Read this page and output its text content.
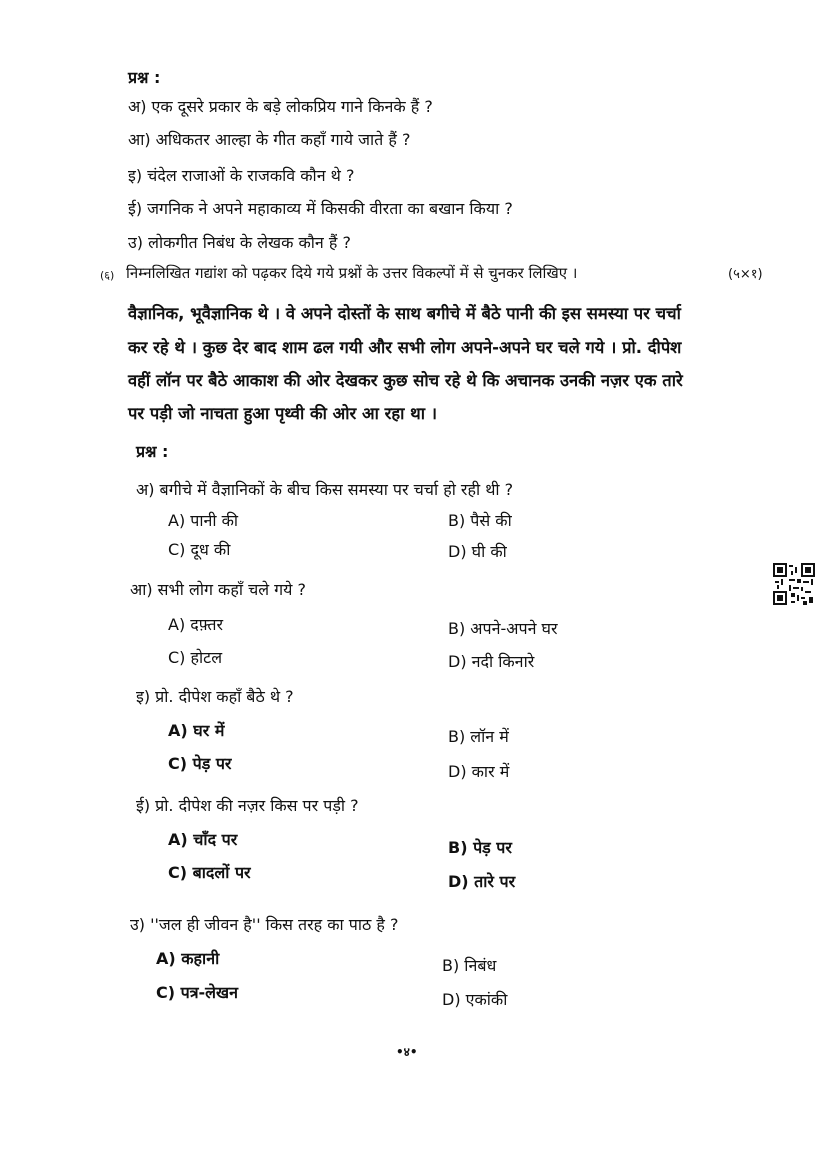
प्रश्न :
अ) एक दूसरे प्रकार के बड़े लोकप्रिय गाने किनके हैं ?
आ) अधिकतर आल्हा के गीत कहाँ गाये जाते हैं ?
इ) चंदेल राजाओं के राजकवि कौन थे ?
ई) जगनिक ने अपने महाकाव्य में किसकी वीरता का बखान किया ?
उ) लोकगीत निबंध के लेखक कौन हैं ?
(६) निम्नलिखित गद्यांश को पढ़कर दिये गये प्रश्नों के उत्तर विकल्पों में से चुनकर लिखिए ।	(५×१)
वैज्ञानिक, भूवैज्ञानिक थे । वे अपने दोस्तों के साथ बगीचे में बैठे पानी की इस समस्या पर चर्चा
कर रहे थे । कुछ देर बाद शाम ढल गयी और सभी लोग अपने-अपने घर चले गये । प्रो. दीपेश
वहीं लॉन पर बैठे आकाश की ओर देखकर कुछ सोच रहे थे कि अचानक उनकी नज़र एक तारे
पर पड़ी जो नाचता हुआ पृथ्वी की ओर आ रहा था ।
प्रश्न :
अ) बगीचे में वैज्ञानिकों के बीच किस समस्या पर चर्चा हो रही थी ?
A) पानी की	B) पैसे की
C) दूध की	D) घी की
आ) सभी लोग कहाँ चले गये ?
A) दफ़्तर	B) अपने-अपने घर
C) होटल	D) नदी किनारे
इ) प्रो. दीपेश कहाँ बैठे थे ?
A) घर में	B) लॉन में
C) पेड़ पर	D) कार में
ई) प्रो. दीपेश की नज़र किस पर पड़ी ?
A) चाँद पर	B) पेड़ पर
C) बादलों पर	D) तारे पर
उ) ''जल ही जीवन है'' किस तरह का पाठ है ?
A) कहानी	B) निबंध
C) पत्र-लेखन	D) एकांकी
•४•
